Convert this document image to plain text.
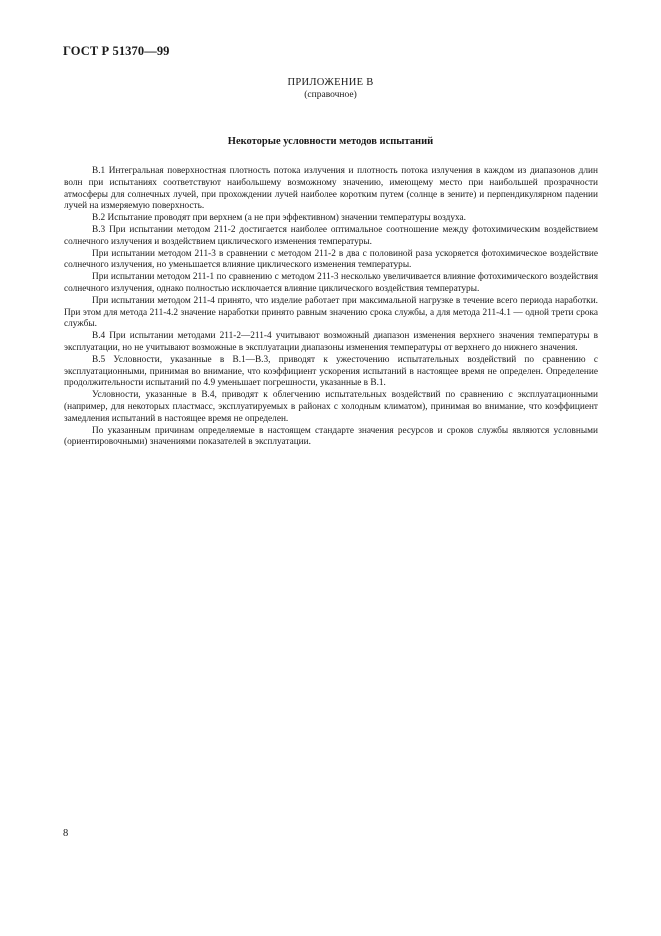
ГОСТ Р 51370—99
ПРИЛОЖЕНИЕ В
(справочное)
Некоторые условности методов испытаний

В.1 Интегральная поверхностная плотность потока излучения и плотность потока излучения в каждом из диапазонов длин волн при испытаниях соответствуют наибольшему возможному значению, имеющему место при наибольшей прозрачности атмосферы для солнечных лучей, при прохождении лучей наиболее коротким путем (солнце в зените) и перпендикулярном падении лучей на измеряемую поверхность.

В.2 Испытание проводят при верхнем (а не при эффективном) значении температуры воздуха.

В.3 При испытании методом 211-2 достигается наиболее оптимальное соотношение между фотохимическим воздействием солнечного излучения и воздействием циклического изменения температуры.

При испытании методом 211-3 в сравнении с методом 211-2 в два с половиной раза ускоряется фотохимическое воздействие солнечного излучения, но уменьшается влияние циклического изменения температуры.

При испытании методом 211-1 по сравнению с методом 211-3 несколько увеличивается влияние фотохимического воздействия солнечного излучения, однако полностью исключается влияние циклического воздействия температуры.

При испытании методом 211-4 принято, что изделие работает при максимальной нагрузке в течение всего периода наработки. При этом для метода 211-4.2 значение наработки принято равным значению срока службы, а для метода 211-4.1 — одной трети срока службы.

В.4 При испытании методами 211-2—211-4 учитывают возможный диапазон изменения верхнего значения температуры в эксплуатации, но не учитывают возможные в эксплуатации диапазоны изменения температуры от верхнего до нижнего значения.

В.5 Условности, указанные в В.1—В.3, приводят к ужесточению испытательных воздействий по сравнению с эксплуатационными, принимая во внимание, что коэффициент ускорения испытаний в настоящее время не определен. Определение продолжительности испытаний по 4.9 уменьшает погрешности, указанные в В.1.

Условности, указанные в В.4, приводят к облегчению испытательных воздействий по сравнению с эксплуатационными (например, для некоторых пластмасс, эксплуатируемых в районах с холодным климатом), принимая во внимание, что коэффициент замедления испытаний в настоящее время не определен.

По указанным причинам определяемые в настоящем стандарте значения ресурсов и сроков службы являются условными (ориентировочными) значениями показателей в эксплуатации.

8
